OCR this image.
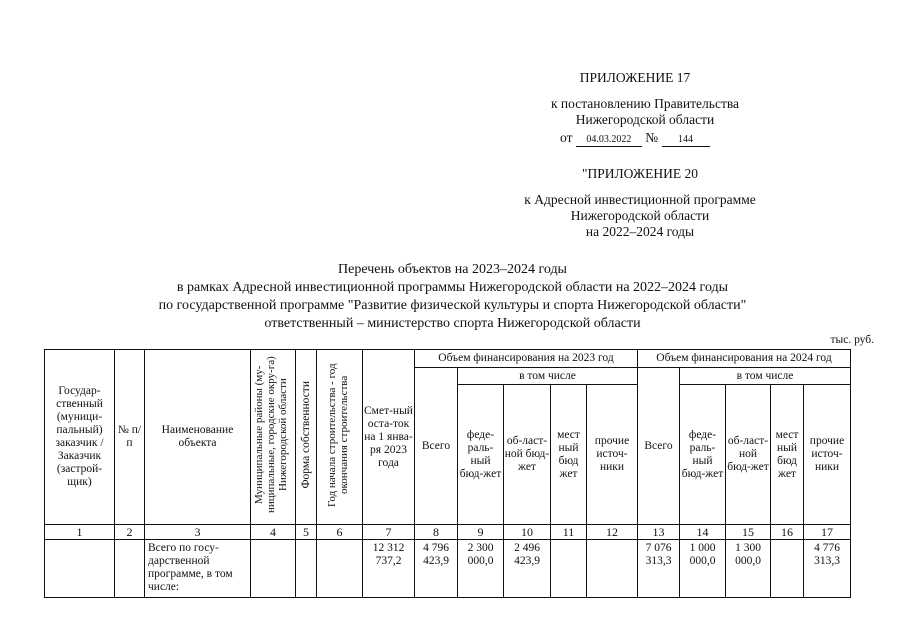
ПРИЛОЖЕНИЕ 17
к постановлению Правительства
Нижегородской области
от 04.03.2022 № 144
"ПРИЛОЖЕНИЕ 20
к Адресной инвестиционной программе
Нижегородской области
на 2022–2024 годы
Перечень объектов на 2023–2024 годы
в рамках Адресной инвестиционной программы Нижегородской области на 2022–2024 годы
по государственной программе "Развитие физической культуры и спорта Нижегородской области"
ответственный – министерство спорта Нижегородской области
тыс. руб.
Государ-ственный (муници-пальный) заказчик / Заказчик (застрой-щик)	№ п/п	Наименование объекта	Муниципальные районы (му-ниципальные, городские окру-га) Нижегородской области	Форма собственности	Год начала строительства - год окончания строительства	Смет-ный оста-ток на 1 янва-ря 2023 года	Объем финансирования на 2023 год					Объем финансирования на 2024 год				
							Всего	в том числе				Всего	в том числе			
								феде-раль-ный бюд-жет	об-ласт-ной бюд-жет	мест ный бюд жет	прочие источ-ники		феде-раль-ный бюд-жет	об-ласт-ной бюд-жет	мест ный бюд жет	прочие источ-ники
1	2	3	4	5	6	7	8	9	10	11	12	13	14	15	16	17
		Всего по госу-дарственной программе, в том числе:				12 312 737,2	4 796 423,9	2 300 000,0	2 496 423,9			7 076 313,3	1 000 000,0	1 300 000,0		4 776 313,3
